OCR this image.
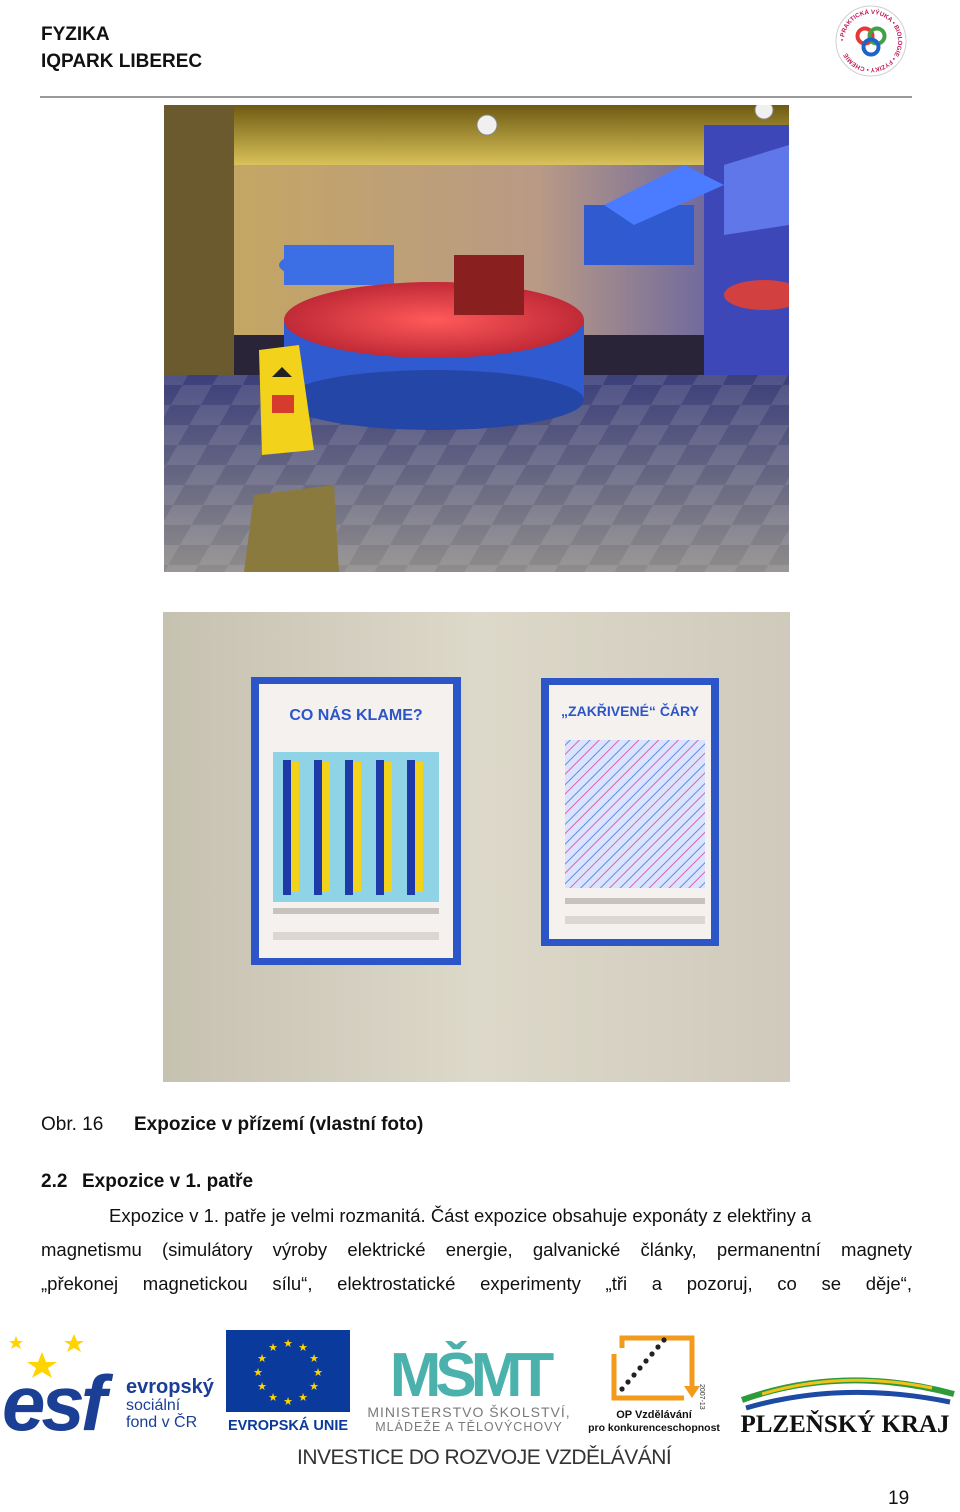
FYZIKA
IQPARK LIBEREC
• PRAKTICKÁ VÝUKA • BIOLOGIE • FYZIKY • CHEMIE
CO NÁS KLAME?	„ZAKŘIVENÉ“ ČÁRY
Obr. 16 Expozice v přízemí (vlastní foto)
2.2 Expozice v 1. patře
Expozice v 1. patře je velmi rozmanitá. Část expozice obsahuje exponáty z elektřiny a
magnetismu (simulátory výroby elektrické energie, galvanické články, permanentní magnety
„překonej magnetickou sílu“, elektrostatické experimenty „tři a pozoruj, co se děje“,
esf	evropský
sociální
fond v ČR
★ ★
★
★
★
★
★
★
★
★
★
★
EVROPSKÁ UNIE
MŠMT
MINISTERSTVO ŠKOLSTVÍ,
MLÁDEŽE A TĚLOVÝCHOVY
2007-13
OP Vzdělávání
pro konkurenceschopnost PLZEŇSKÝ KRAJ
INVESTICE DO ROZVOJE VZDĚLÁVÁNÍ
19
